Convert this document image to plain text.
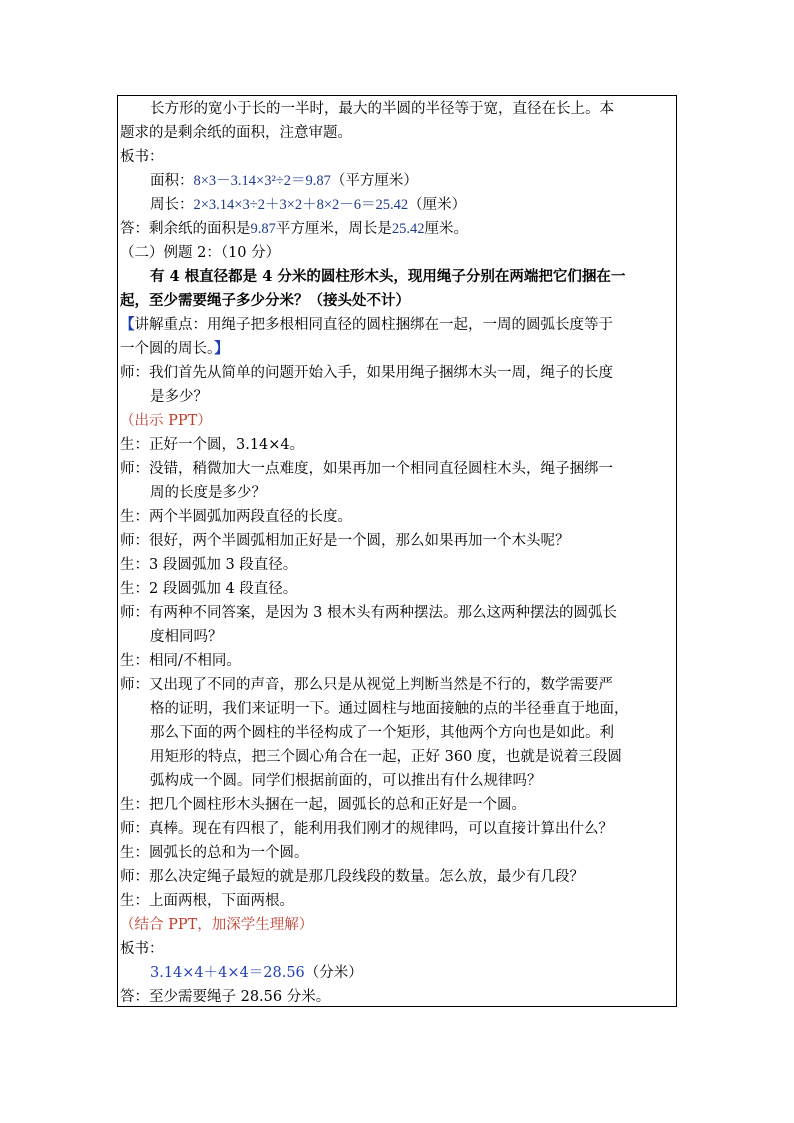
长方形的宽小于长的一半时，最大的半圆的半径等于宽，直径在长上。本
题求的是剩余纸的面积，注意审题。
板书：
面积：8×3－3.14×3²÷2＝9.87（平方厘米）
周长：2×3.14×3÷2＋3×2＋8×2－6＝25.42（厘米）
答：剩余纸的面积是9.87平方厘米，周长是25.42厘米。
（二）例题 2：（10 分）
有 4 根直径都是 4 分米的圆柱形木头，现用绳子分别在两端把它们捆在一
起，至少需要绳子多少分米？（接头处不计）
【讲解重点：用绳子把多根相同直径的圆柱捆绑在一起，一周的圆弧长度等于
一个圆的周长。】
师：我们首先从简单的问题开始入手，如果用绳子捆绑木头一周，绳子的长度
是多少？
（出示 PPT）
生：正好一个圆，3.14×4。
师：没错，稍微加大一点难度，如果再加一个相同直径圆柱木头，绳子捆绑一
周的长度是多少？
生：两个半圆弧加两段直径的长度。
师：很好，两个半圆弧相加正好是一个圆，那么如果再加一个木头呢？
生：3 段圆弧加 3 段直径。
生：2 段圆弧加 4 段直径。
师：有两种不同答案，是因为 3 根木头有两种摆法。那么这两种摆法的圆弧长
度相同吗？
生：相同/不相同。
师：又出现了不同的声音，那么只是从视觉上判断当然是不行的，数学需要严
格的证明，我们来证明一下。通过圆柱与地面接触的点的半径垂直于地面，
那么下面的两个圆柱的半径构成了一个矩形，其他两个方向也是如此。利
用矩形的特点，把三个圆心角合在一起，正好 360 度，也就是说着三段圆
弧构成一个圆。同学们根据前面的，可以推出有什么规律吗？
生：把几个圆柱形木头捆在一起，圆弧长的总和正好是一个圆。
师：真棒。现在有四根了，能利用我们刚才的规律吗，可以直接计算出什么？
生：圆弧长的总和为一个圆。
师：那么决定绳子最短的就是那几段线段的数量。怎么放，最少有几段？
生：上面两根，下面两根。
（结合 PPT，加深学生理解）
板书：
3.14×4＋4×4＝28.56（分米）
答：至少需要绳子 28.56 分米。
